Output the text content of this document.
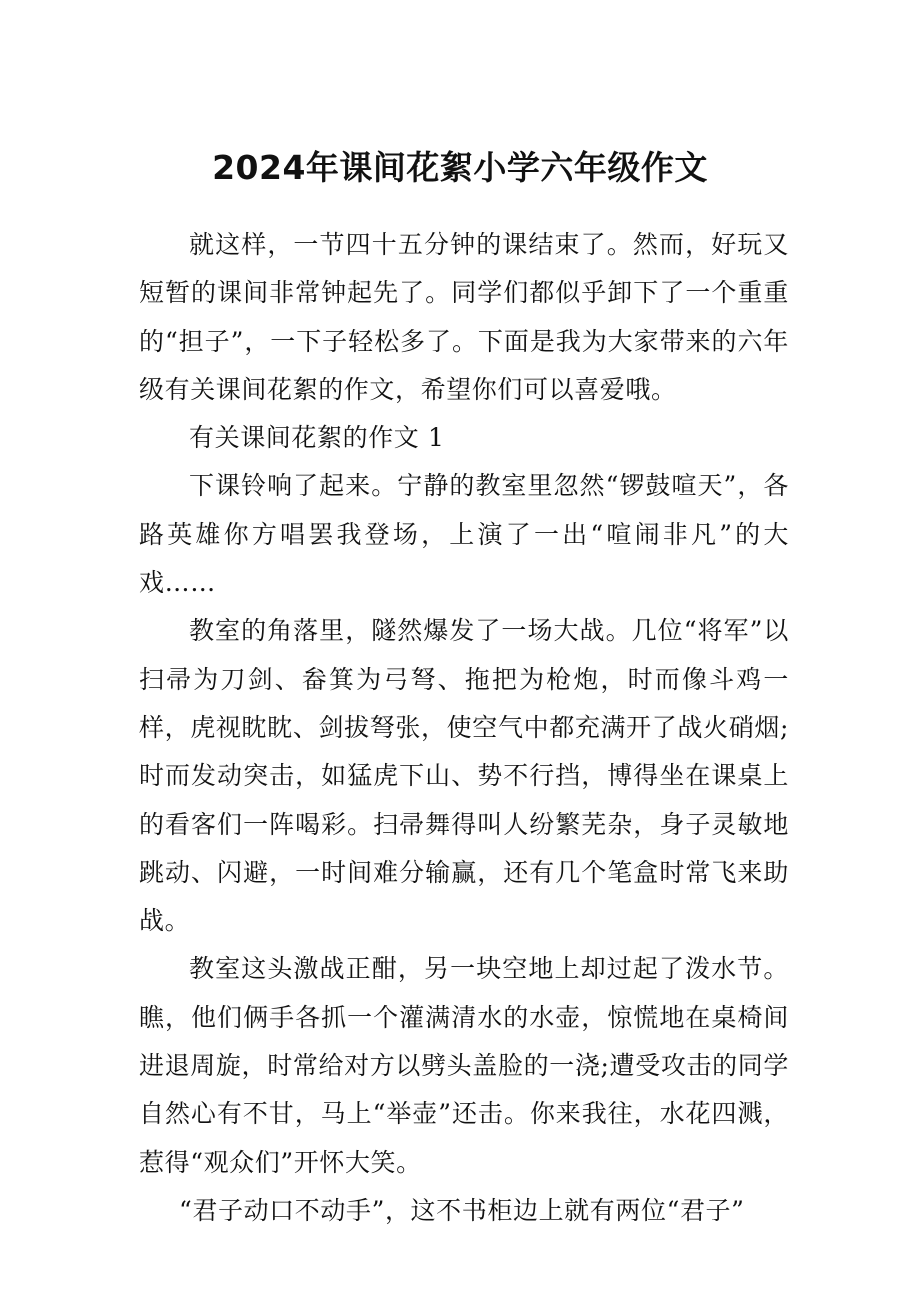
2024年课间花絮小学六年级作文

就这样，一节四十五分钟的课结束了。然而，好玩又短暂的课间非常钟起先了。同学们都似乎卸下了一个重重的“担子”，一下子轻松多了。下面是我为大家带来的六年级有关课间花絮的作文，希望你们可以喜爱哦。

有关课间花絮的作文 1

下课铃响了起来。宁静的教室里忽然“锣鼓喧天”，各路英雄你方唱罢我登场，上演了一出“喧闹非凡”的大戏……

教室的角落里，隧然爆发了一场大战。几位“将军”以扫帚为刀剑、畚箕为弓弩、拖把为枪炮，时而像斗鸡一样，虎视眈眈、剑拔弩张，使空气中都充满开了战火硝烟;时而发动突击，如猛虎下山、势不行挡，博得坐在课桌上的看客们一阵喝彩。扫帚舞得叫人纷繁芜杂，身子灵敏地跳动、闪避，一时间难分输赢，还有几个笔盒时常飞来助战。

教室这头激战正酣，另一块空地上却过起了泼水节。瞧，他们俩手各抓一个灌满清水的水壶，惊慌地在桌椅间进退周旋，时常给对方以劈头盖脸的一浇;遭受攻击的同学自然心有不甘，马上“举壶”还击。你来我往，水花四溅，惹得“观众们”开怀大笑。

“君子动口不动手”，这不书柜边上就有两位“君子”
